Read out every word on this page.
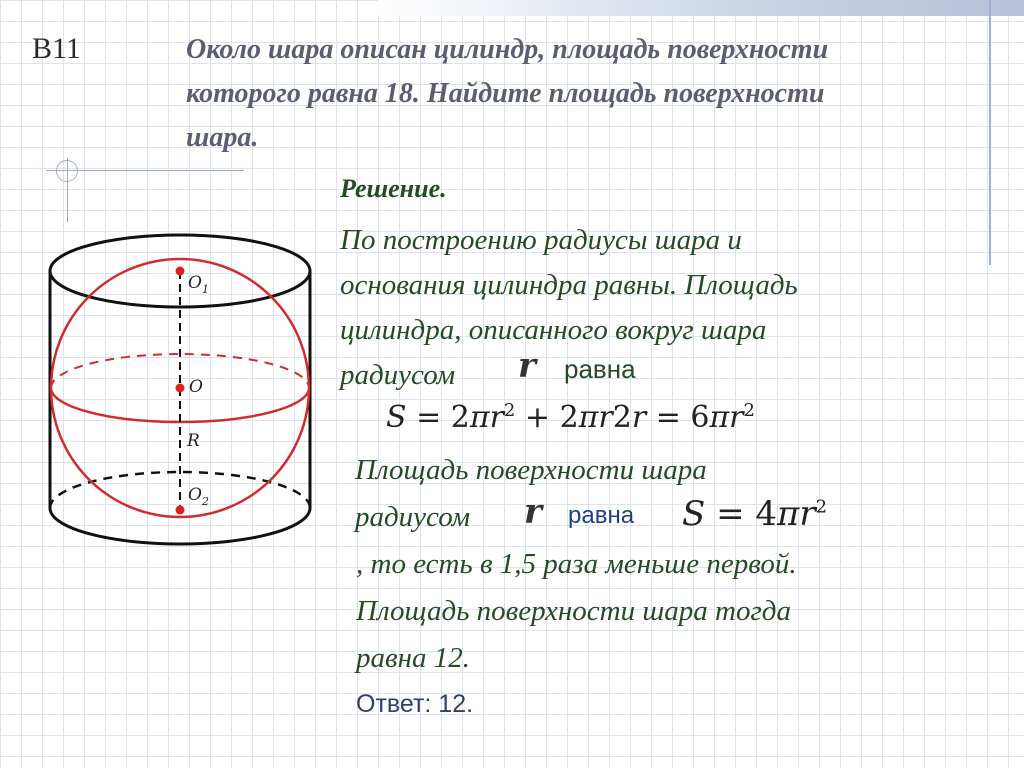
В11	Около шара описан цилиндр, площадь поверхности которого равна 18. Найдите площадь поверхности шара.
$O_1$
O
R
$O_2$
Решение.
По построению радиусы шара и
основания цилиндра равны. Площадь
цилиндра, описанного вокруг шара
радиусом r равна
$S = 2\pi r^2 + 2\pi r2r = 6\pi r^2$
Площадь поверхности шара
радиусом r равна $S = 4\pi r^2$
, то есть в 1,5 раза меньше первой.
Площадь поверхности шара тогда
равна 12.
Ответ: 12.
